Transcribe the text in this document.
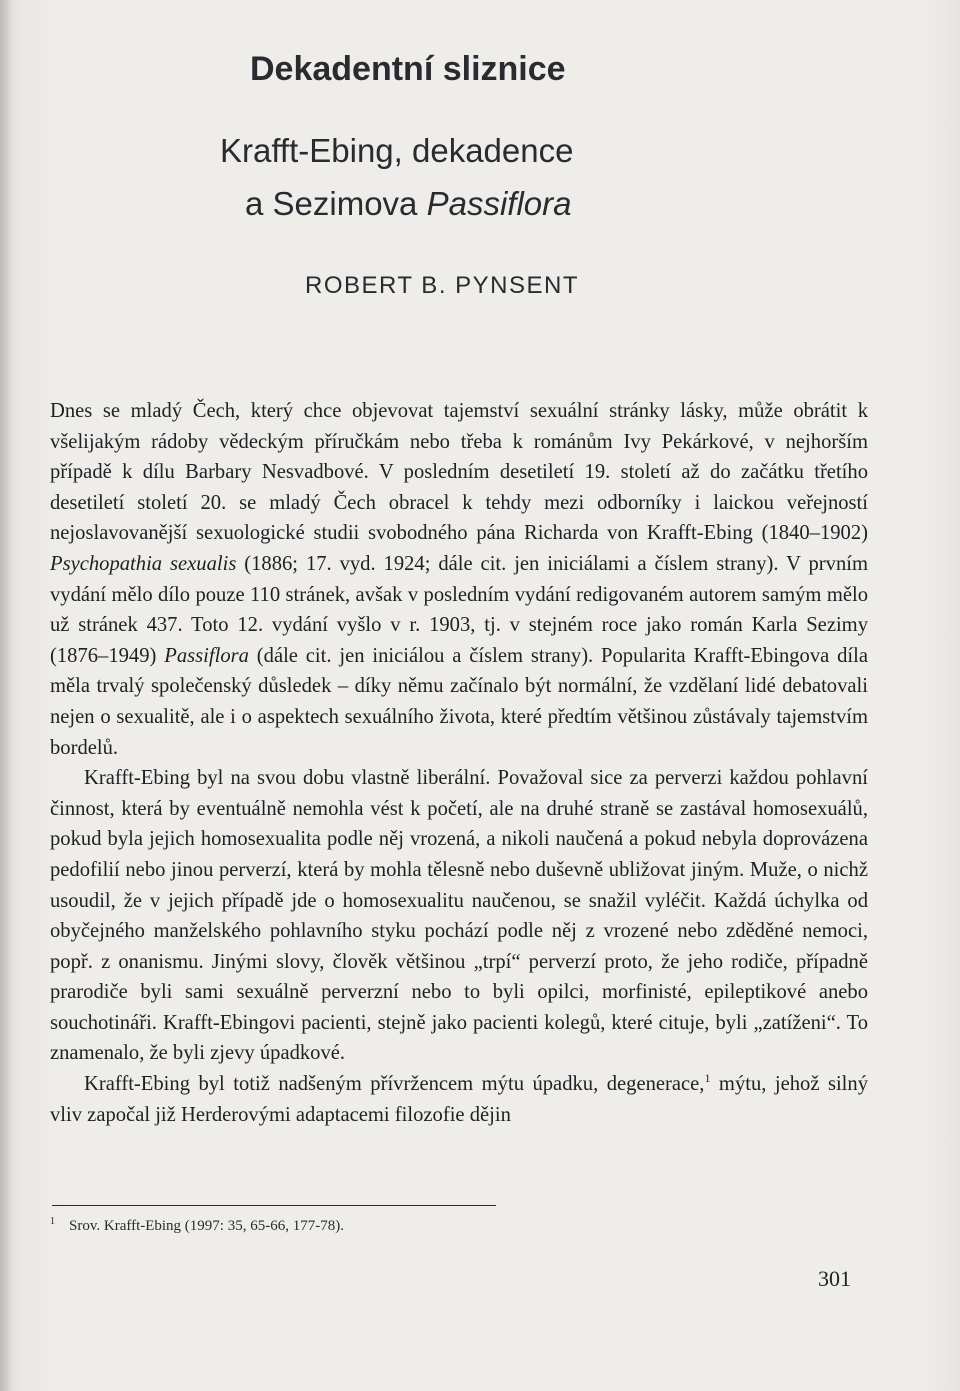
Dekadentní sliznice
Krafft-Ebing, dekadence
a Sezimova Passiflora
ROBERT B. PYNSENT

Dnes se mladý Čech, který chce objevovat tajemství sexuální stránky lásky, může obrátit k všelijakým rádoby vědeckým příručkám nebo třeba k románům Ivy Pekárkové, v nejhorším případě k dílu Barbary Nesvadbové. V posledním desetiletí 19. století až do začátku třetího desetiletí století 20. se mladý Čech obracel k tehdy mezi odborníky i laickou veřejností nejoslavovanější sexuologické studii svobodného pána Richarda von Krafft-Ebing (1840–1902) Psychopathia sexualis (1886; 17. vyd. 1924; dále cit. jen iniciálami a číslem strany). V prvním vydání mělo dílo pouze 110 stránek, avšak v posledním vydání redigovaném autorem samým mělo už stránek 437. Toto 12. vydání vyšlo v r. 1903, tj. v stejném roce jako román Karla Sezimy (1876–1949) Passiflora (dále cit. jen iniciálou a číslem strany). Popularita Krafft-Ebingova díla měla trvalý společenský důsledek – díky němu začínalo být normální, že vzdělaní lidé debatovali nejen o sexualitě, ale i o aspektech sexuálního života, které předtím většinou zůstávaly tajemstvím bordelů.

Krafft-Ebing byl na svou dobu vlastně liberální. Považoval sice za perverzi každou pohlavní činnost, která by eventuálně nemohla vést k početí, ale na druhé straně se zastával homosexuálů, pokud byla jejich homosexualita podle něj vrozená, a nikoli naučená a pokud nebyla doprovázena pedofilií nebo jinou perverzí, která by mohla tělesně nebo duševně ubližovat jiným. Muže, o nichž usoudil, že v jejich případě jde o homosexualitu naučenou, se snažil vyléčit. Každá úchylka od obyčejného manželského pohlavního styku pochází podle něj z vrozené nebo zděděné nemoci, popř. z onanismu. Jinými slovy, člověk většinou „trpí“ perverzí proto, že jeho rodiče, případně prarodiče byli sami sexuálně perverzní nebo to byli opilci, morfinisté, epileptikové anebo souchotináři. Krafft-Ebingovi pacienti, stejně jako pacienti kolegů, které cituje, byli „zatíženi“. To znamenalo, že byli zjevy úpadkové.

Krafft-Ebing byl totiž nadšeným přívržencem mýtu úpadku, degenerace,$^1$ mýtu, jehož silný vliv započal již Herderovými adaptacemi filozofie dějin

$^1$ Srov. Krafft-Ebing (1997: 35, 65-66, 177-78).
301
